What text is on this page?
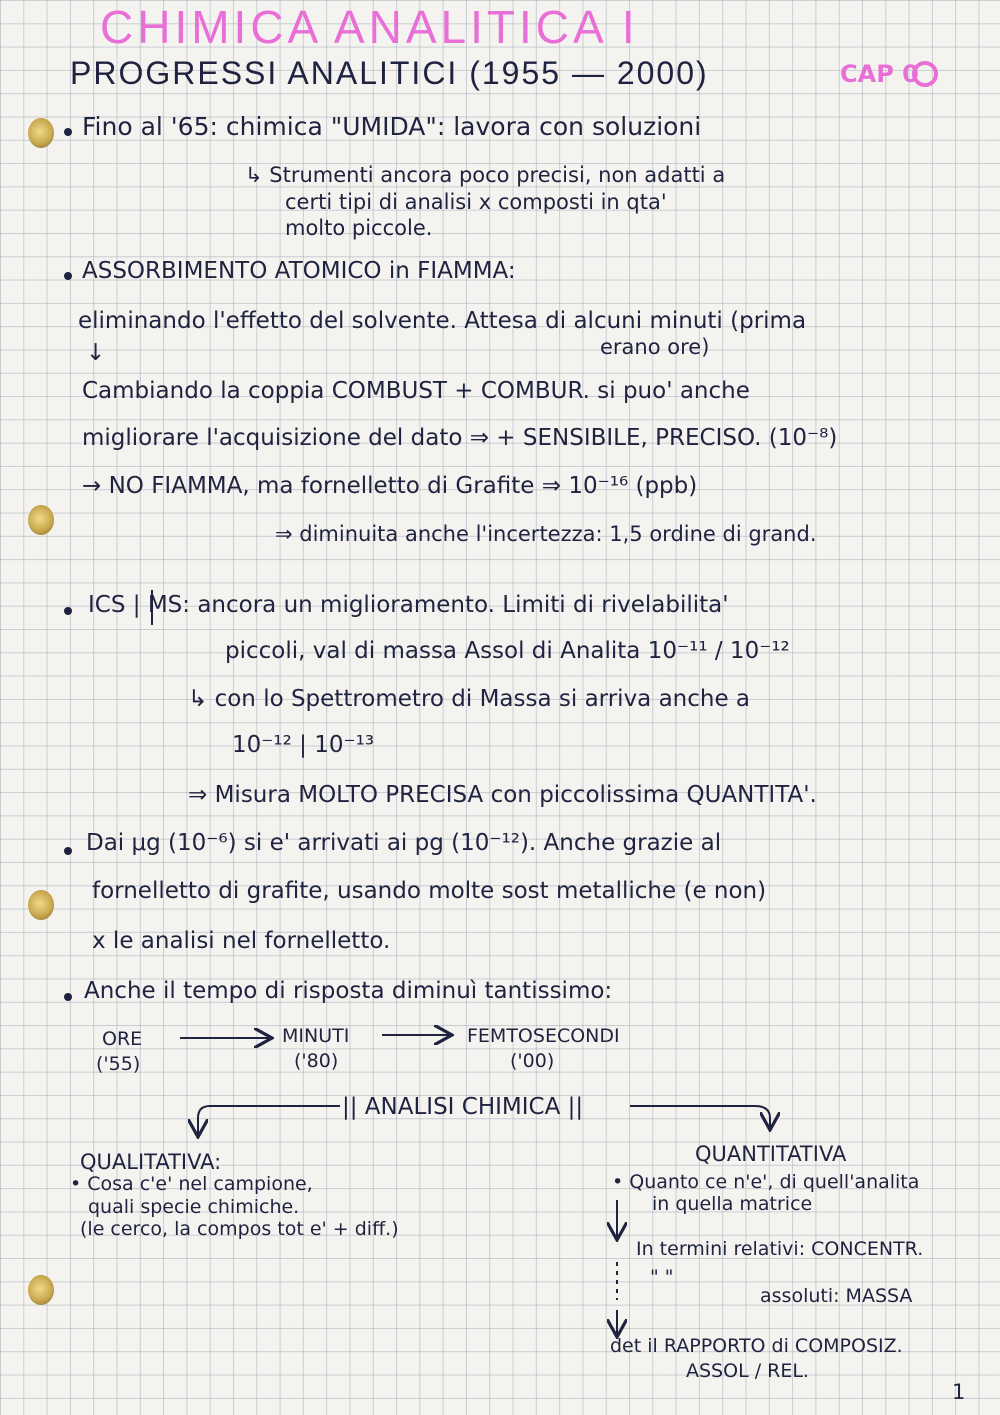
CHIMICA ANALITICA I
PROGRESSI ANALITICI (1955 — 2000)	CAP 0
Fino al '65: chimica "UMIDA": lavora con soluzioni
↳ Strumenti ancora poco precisi, non adatti a
certi tipi di analisi x composti in qta'
molto piccole.
ASSORBIMENTO ATOMICO in FIAMMA:
eliminando l'effetto del solvente. Attesa di alcuni minuti (prima
erano ore)
↓
Cambiando la coppia COMBUST + COMBUR. si puo' anche
migliorare l'acquisizione del dato ⇒ + SENSIBILE, PRECISO. (10⁻⁸)
→ NO FIAMMA, ma fornelletto di Grafite ⇒ 10⁻¹⁶ (ppb)
⇒ diminuita anche l'incertezza: 1,5 ordine di grand.
ICS | MS: ancora un miglioramento. Limiti di rivelabilita'
piccoli, val di massa Assol di Analita 10⁻¹¹ / 10⁻¹²
↳ con lo Spettrometro di Massa si arriva anche a
10⁻¹² | 10⁻¹³
⇒ Misura MOLTO PRECISA con piccolissima QUANTITA'.
Dai μg (10⁻⁶) si e' arrivati ai pg (10⁻¹²). Anche grazie al
fornelletto di grafite, usando molte sost metalliche (e non)
x le analisi nel fornelletto.
Anche il tempo di risposta diminuì tantissimo:
ORE
('55)
MINUTI
('80)
FEMTOSECONDI
('00)
|| ANALISI CHIMICA ||
QUALITATIVA:
• Cosa c'e' nel campione,
quali specie chimiche.
(le cerco, la compos tot e' + diff.)
QUANTITATIVA
• Quanto ce n'e', di quell'analita
in quella matrice
In termini relativi: CONCENTR.
" "
assoluti: MASSA
det il RAPPORTO di COMPOSIZ.
ASSOL / REL.
1
